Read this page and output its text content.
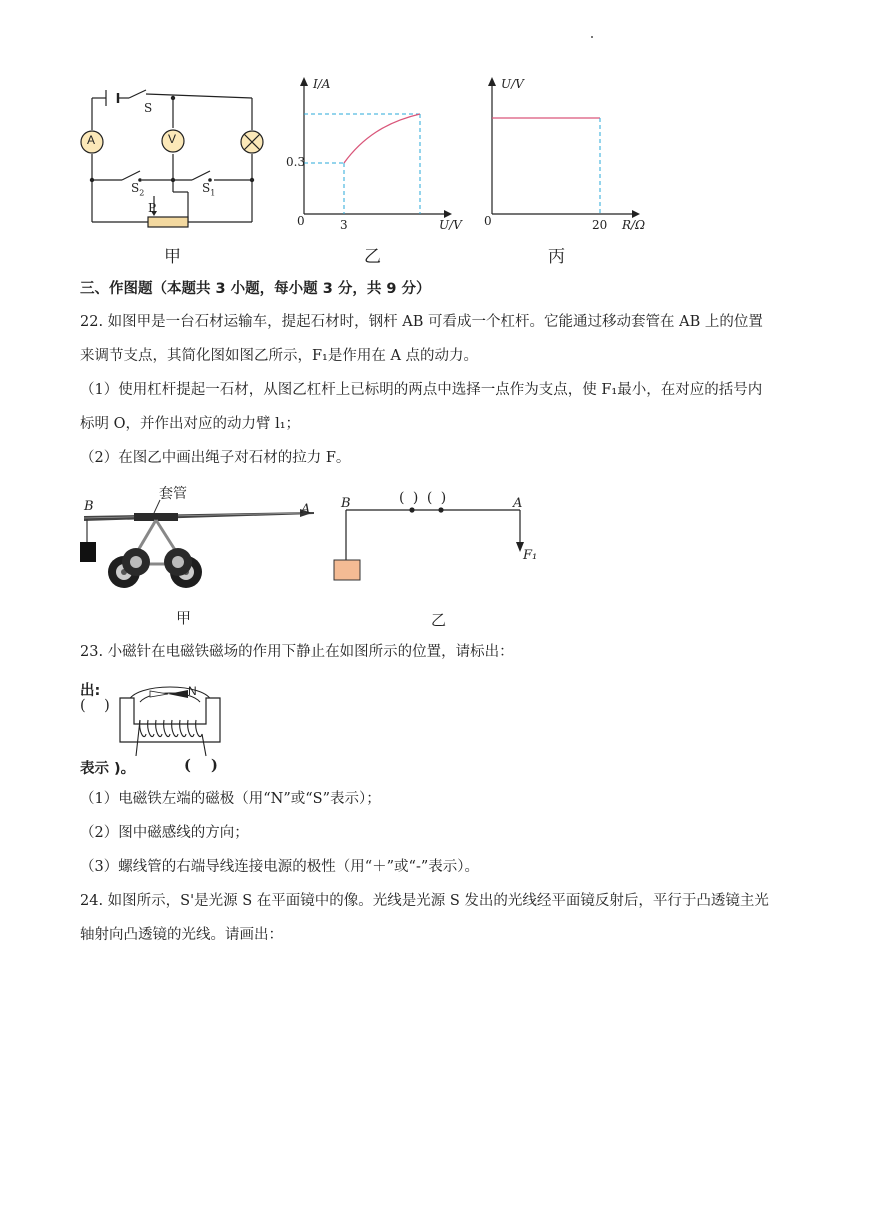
A	V
S
$S_2$	$S_1$
P
甲
I/A
0.3
0	3	U/V
乙
U/V
0	20 R/Ω
丙
三、作图题（本题共 3 小题，每小题 3 分，共 9 分）
22. 如图甲是一台石材运输车，提起石材时，钢杆 AB 可看成一个杠杆。它能通过移动套管在 AB 上的位置
来调节支点，其简化图如图乙所示，F₁是作用在 A 点的动力。
（1）使用杠杆提起一石材，从图乙杠杆上已标明的两点中选择一点作为支点，使 F₁最小，在对应的括号内
标明 O，并作出对应的动力臂 l₁；
（2）在图乙中画出绳子对石材的拉力 F。
套管
B	A
甲
B	( ) ( )	A
F₁
乙
23. 小磁针在电磁铁磁场的作用下静止在如图所示的位置，请标出：
出:
(    )
N
表示 )。	(    )
（1）电磁铁左端的磁极（用“N”或“S”表示）；
（2）图中磁感线的方向；
（3）螺线管的右端导线连接电源的极性（用“＋”或“-”表示）。
24. 如图所示，S'是光源 S 在平面镜中的像。光线是光源 S 发出的光线经平面镜反射后，平行于凸透镜主光
轴射向凸透镜的光线。请画出：
